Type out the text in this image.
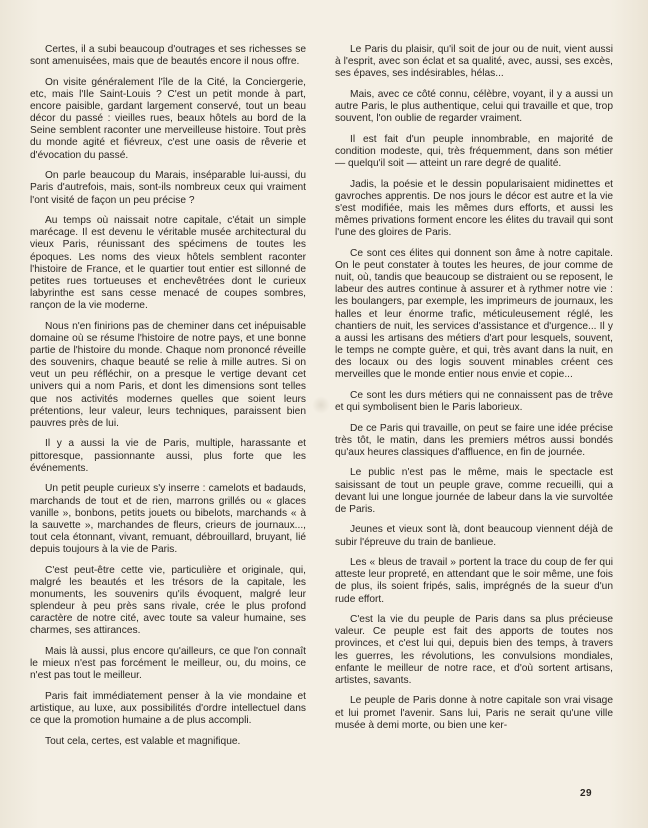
Certes, il a subi beaucoup d'outrages et ses richesses se sont amenuisées, mais que de beautés encore il nous offre.

On visite généralement l'île de la Cité, la Conciergerie, etc, mais l'Ile Saint-Louis ? C'est un petit monde à part, encore paisible, gardant largement conservé, tout un beau décor du passé : vieilles rues, beaux hôtels au bord de la Seine semblent raconter une merveilleuse histoire. Tout près du monde agité et fiévreux, c'est une oasis de rêverie et d'évocation du passé.

On parle beaucoup du Marais, inséparable lui-aussi, du Paris d'autrefois, mais, sont-ils nombreux ceux qui vraiment l'ont visité de façon un peu précise ?

Au temps où naissait notre capitale, c'était un simple marécage. Il est devenu le véritable musée architectural du vieux Paris, réunissant des spécimens de toutes les époques. Les noms des vieux hôtels semblent raconter l'histoire de France, et le quartier tout entier est sillonné de petites rues tortueuses et enchevêtrées dont le curieux labyrinthe est sans cesse menacé de coupes sombres, rançon de la vie moderne.

Nous n'en finirions pas de cheminer dans cet inépuisable domaine où se résume l'histoire de notre pays, et une bonne partie de l'histoire du monde. Chaque nom prononcé réveille des souvenirs, chaque beauté se relie à mille autres. Si on veut un peu réfléchir, on a presque le vertige devant cet univers qui a nom Paris, et dont les dimensions sont telles que nos activités modernes quelles que soient leurs prétentions, leur valeur, leurs techniques, paraissent bien pauvres près de lui.

Il y a aussi la vie de Paris, multiple, harassante et pittoresque, passionnante aussi, plus forte que les événements.

Un petit peuple curieux s'y inserre : camelots et badauds, marchands de tout et de rien, marrons grillés ou « glaces vanille », bonbons, petits jouets ou bibelots, marchands « à la sauvette », marchandes de fleurs, crieurs de journaux..., tout cela étonnant, vivant, remuant, débrouillard, bruyant, lié depuis toujours à la vie de Paris.

C'est peut-être cette vie, particulière et originale, qui, malgré les beautés et les trésors de la capitale, les monuments, les souvenirs qu'ils évoquent, malgré leur splendeur à peu près sans rivale, crée le plus profond caractère de notre cité, avec toute sa valeur humaine, ses charmes, ses attirances.

Mais là aussi, plus encore qu'ailleurs, ce que l'on connaît le mieux n'est pas forcément le meilleur, ou, du moins, ce n'est pas tout le meilleur.

Paris fait immédiatement penser à la vie mondaine et artistique, au luxe, aux possibilités d'ordre intellectuel dans ce que la promotion humaine a de plus accompli.

Tout cela, certes, est valable et magnifique.

Le Paris du plaisir, qu'il soit de jour ou de nuit, vient aussi à l'esprit, avec son éclat et sa qualité, avec, aussi, ses excès, ses épaves, ses indésirables, hélas...

Mais, avec ce côté connu, célèbre, voyant, il y a aussi un autre Paris, le plus authentique, celui qui travaille et que, trop souvent, l'on oublie de regarder vraiment.

Il est fait d'un peuple innombrable, en majorité de condition modeste, qui, très fréquemment, dans son métier — quelqu'il soit — atteint un rare degré de qualité.

Jadis, la poésie et le dessin popularisaient midinettes et gavroches apprentis. De nos jours le décor est autre et la vie s'est modifiée, mais les mêmes durs efforts, et aussi les mêmes privations forment encore les élites du travail qui sont l'une des gloires de Paris.

Ce sont ces élites qui donnent son âme à notre capitale. On le peut constater à toutes les heures, de jour comme de nuit, où, tandis que beaucoup se distraient ou se reposent, le labeur des autres continue à assurer et à rythmer notre vie : les boulangers, par exemple, les imprimeurs de journaux, les halles et leur énorme trafic, méticuleusement réglé, les chantiers de nuit, les services d'assistance et d'urgence... Il y a aussi les artisans des métiers d'art pour lesquels, souvent, le temps ne compte guère, et qui, très avant dans la nuit, en des locaux ou des logis souvent minables créent ces merveilles que le monde entier nous envie et copie...

Ce sont les durs métiers qui ne connaissent pas de trêve et qui symbolisent bien le Paris laborieux.

De ce Paris qui travaille, on peut se faire une idée précise très tôt, le matin, dans les premiers métros aussi bondés qu'aux heures classiques d'affluence, en fin de journée.

Le public n'est pas le même, mais le spectacle est saisissant de tout un peuple grave, comme recueilli, qui a devant lui une longue journée de labeur dans la vie survoltée de Paris.

Jeunes et vieux sont là, dont beaucoup viennent déjà de subir l'épreuve du train de banlieue.

Les « bleus de travail » portent la trace du coup de fer qui atteste leur propreté, en attendant que le soir même, une fois de plus, ils soient fripés, salis, imprégnés de la sueur d'un rude effort.

C'est la vie du peuple de Paris dans sa plus précieuse valeur. Ce peuple est fait des apports de toutes nos provinces, et c'est lui qui, depuis bien des temps, à travers les guerres, les révolutions, les convulsions mondiales, enfante le meilleur de notre race, et d'où sortent artisans, artistes, savants.

Le peuple de Paris donne à notre capitale son vrai visage et lui promet l'avenir. Sans lui, Paris ne serait qu'une ville musée à demi morte, ou bien une ker-

29
